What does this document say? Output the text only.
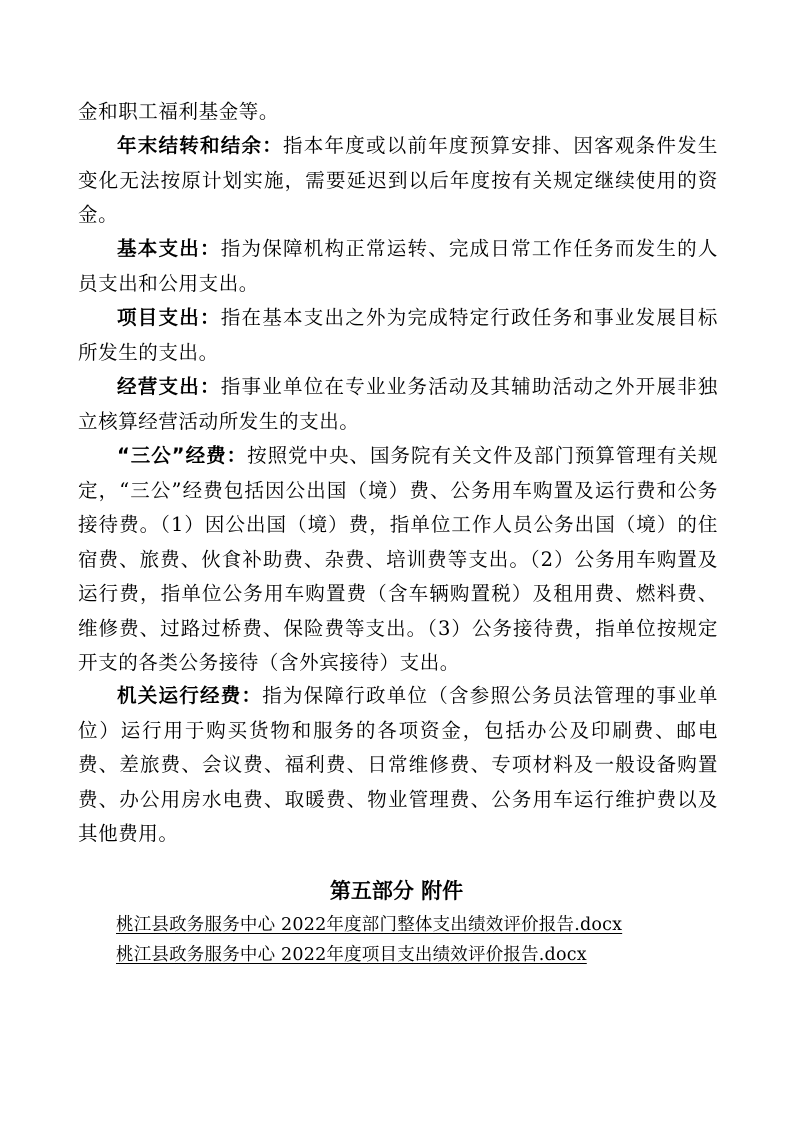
金和职工福利基金等。

年末结转和结余：指本年度或以前年度预算安排、因客观条件发生变化无法按原计划实施，需要延迟到以后年度按有关规定继续使用的资金。

基本支出：指为保障机构正常运转、完成日常工作任务而发生的人员支出和公用支出。

项目支出：指在基本支出之外为完成特定行政任务和事业发展目标所发生的支出。

经营支出：指事业单位在专业业务活动及其辅助活动之外开展非独立核算经营活动所发生的支出。

“三公”经费：按照党中央、国务院有关文件及部门预算管理有关规定，“三公”经费包括因公出国（境）费、公务用车购置及运行费和公务接待费。（1）因公出国（境）费，指单位工作人员公务出国（境）的住宿费、旅费、伙食补助费、杂费、培训费等支出。（2）公务用车购置及运行费，指单位公务用车购置费（含车辆购置税）及租用费、燃料费、维修费、过路过桥费、保险费等支出。（3）公务接待费，指单位按规定开支的各类公务接待（含外宾接待）支出。

机关运行经费：指为保障行政单位（含参照公务员法管理的事业单位）运行用于购买货物和服务的各项资金，包括办公及印刷费、邮电费、差旅费、会议费、福利费、日常维修费、专项材料及一般设备购置费、办公用房水电费、取暖费、物业管理费、公务用车运行维护费以及其他费用。

第五部分 附件
桃江县政务服务中心 2022年度部门整体支出绩效评价报告.docx
桃江县政务服务中心 2022年度项目支出绩效评价报告.docx
